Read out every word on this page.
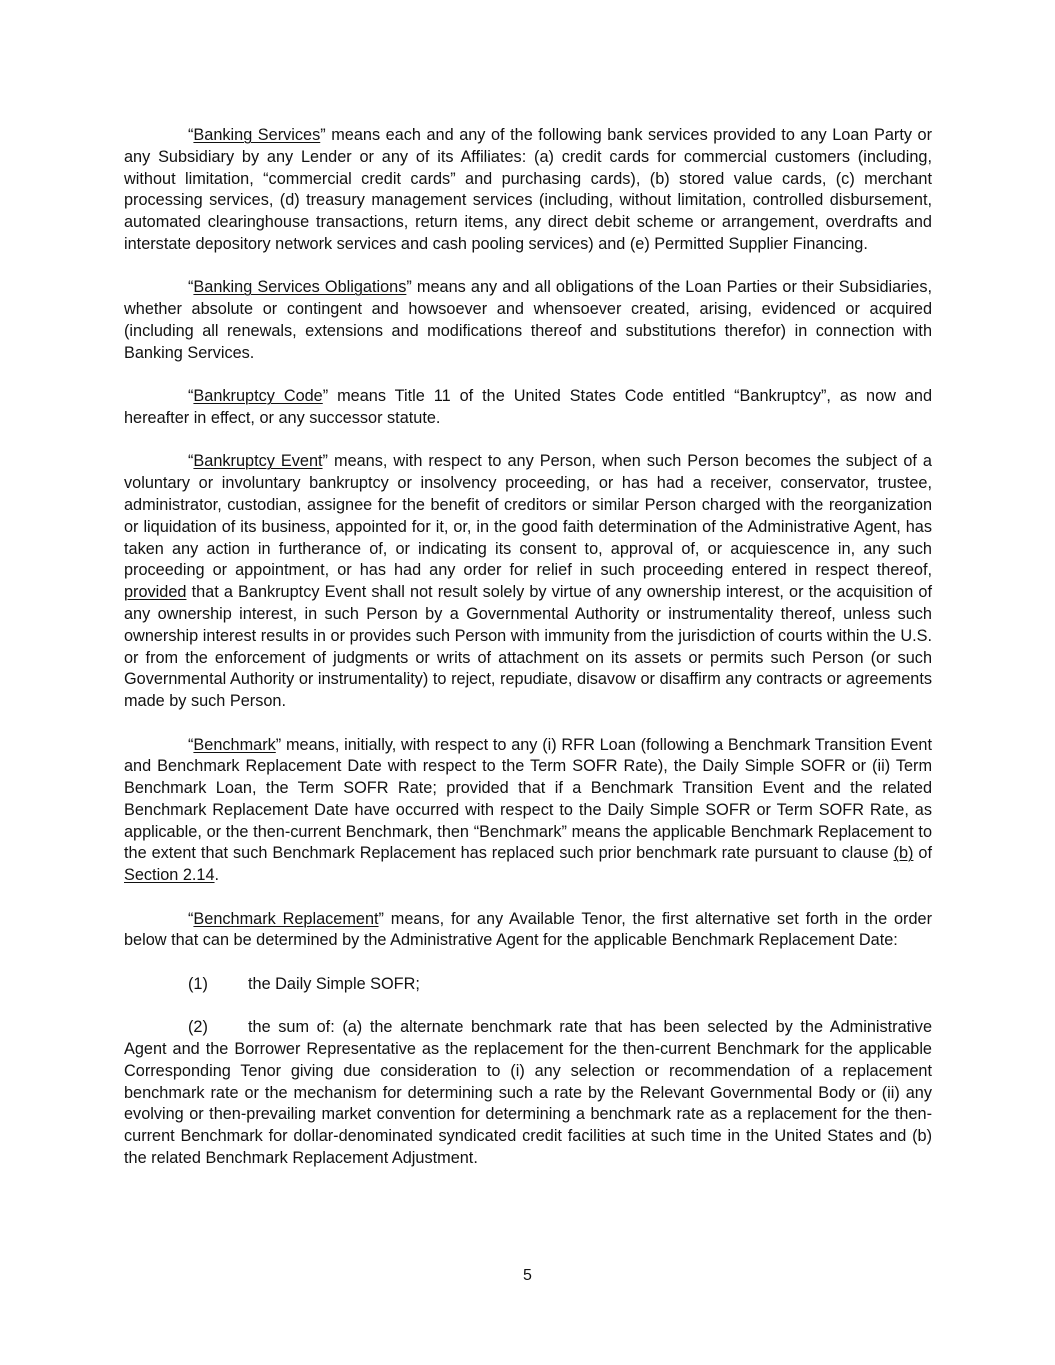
“Banking Services” means each and any of the following bank services provided to any Loan Party or any Subsidiary by any Lender or any of its Affiliates: (a) credit cards for commercial customers (including, without limitation, “commercial credit cards” and purchasing cards), (b) stored value cards, (c) merchant processing services, (d) treasury management services (including, without limitation, controlled disbursement, automated clearinghouse transactions, return items, any direct debit scheme or arrangement, overdrafts and interstate depository network services and cash pooling services) and (e) Permitted Supplier Financing.

“Banking Services Obligations” means any and all obligations of the Loan Parties or their Subsidiaries, whether absolute or contingent and howsoever and whensoever created, arising, evidenced or acquired (including all renewals, extensions and modifications thereof and substitutions therefor) in connection with Banking Services.

“Bankruptcy Code” means Title 11 of the United States Code entitled “Bankruptcy”, as now and hereafter in effect, or any successor statute.

“Bankruptcy Event” means, with respect to any Person, when such Person becomes the subject of a voluntary or involuntary bankruptcy or insolvency proceeding, or has had a receiver, conservator, trustee, administrator, custodian, assignee for the benefit of creditors or similar Person charged with the reorganization or liquidation of its business, appointed for it, or, in the good faith determination of the Administrative Agent, has taken any action in furtherance of, or indicating its consent to, approval of, or acquiescence in, any such proceeding or appointment, or has had any order for relief in such proceeding entered in respect thereof, provided that a Bankruptcy Event shall not result solely by virtue of any ownership interest, or the acquisition of any ownership interest, in such Person by a Governmental Authority or instrumentality thereof, unless such ownership interest results in or provides such Person with immunity from the jurisdiction of courts within the U.S. or from the enforcement of judgments or writs of attachment on its assets or permits such Person (or such Governmental Authority or instrumentality) to reject, repudiate, disavow or disaffirm any contracts or agreements made by such Person.

“Benchmark” means, initially, with respect to any (i) RFR Loan (following a Benchmark Transition Event and Benchmark Replacement Date with respect to the Term SOFR Rate), the Daily Simple SOFR or (ii) Term Benchmark Loan, the Term SOFR Rate; provided that if a Benchmark Transition Event and the related Benchmark Replacement Date have occurred with respect to the Daily Simple SOFR or Term SOFR Rate, as applicable, or the then-current Benchmark, then “Benchmark” means the applicable Benchmark Replacement to the extent that such Benchmark Replacement has replaced such prior benchmark rate pursuant to clause (b) of Section 2.14.

“Benchmark Replacement” means, for any Available Tenor, the first alternative set forth in the order below that can be determined by the Administrative Agent for the applicable Benchmark Replacement Date:

(1) the Daily Simple SOFR;

(2) the sum of: (a) the alternate benchmark rate that has been selected by the Administrative Agent and the Borrower Representative as the replacement for the then-current Benchmark for the applicable Corresponding Tenor giving due consideration to (i) any selection or recommendation of a replacement benchmark rate or the mechanism for determining such a rate by the Relevant Governmental Body or (ii) any evolving or then-prevailing market convention for determining a benchmark rate as a replacement for the then-current Benchmark for dollar-denominated syndicated credit facilities at such time in the United States and (b) the related Benchmark Replacement Adjustment.

5
